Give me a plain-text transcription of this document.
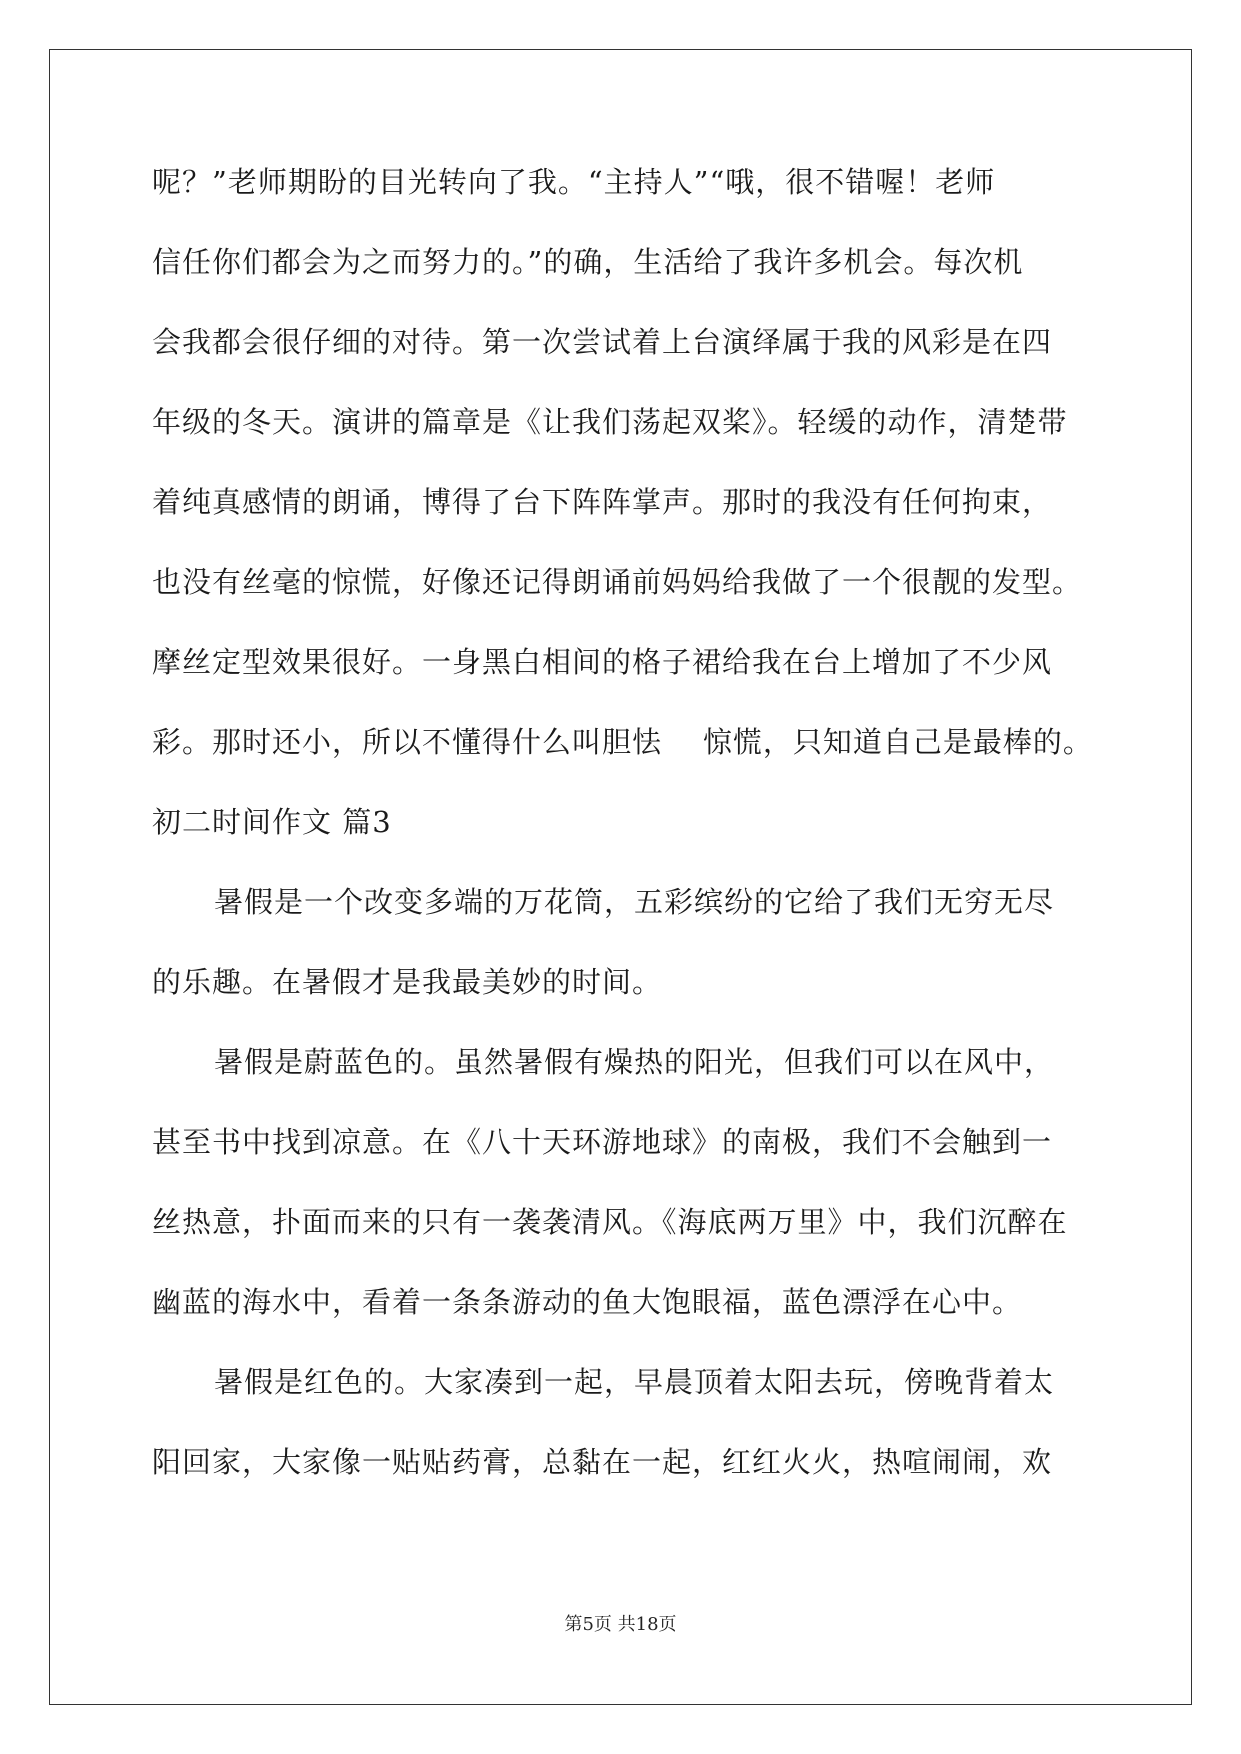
呢？”老师期盼的目光转向了我。“主持人”“哦，很不错喔！老师
信任你们都会为之而努力的。”的确，生活给了我许多机会。每次机
会我都会很仔细的对待。第一次尝试着上台演绎属于我的风彩是在四
年级的冬天。演讲的篇章是《让我们荡起双桨》。轻缓的动作，清楚带
着纯真感情的朗诵，博得了台下阵阵掌声。那时的我没有任何拘束，
也没有丝毫的惊慌，好像还记得朗诵前妈妈给我做了一个很靓的发型。
摩丝定型效果很好。一身黑白相间的格子裙给我在台上增加了不少风
彩。那时还小，所以不懂得什么叫胆怯    惊慌，只知道自己是最棒的。
初二时间作文 篇3
暑假是一个改变多端的万花筒，五彩缤纷的它给了我们无穷无尽
的乐趣。在暑假才是我最美妙的时间。
暑假是蔚蓝色的。虽然暑假有燥热的阳光，但我们可以在风中，
甚至书中找到凉意。在《八十天环游地球》的南极，我们不会触到一
丝热意，扑面而来的只有一袭袭清风。《海底两万里》中，我们沉醉在
幽蓝的海水中，看着一条条游动的鱼大饱眼福，蓝色漂浮在心中。
暑假是红色的。大家凑到一起，早晨顶着太阳去玩，傍晚背着太
阳回家，大家像一贴贴药膏，总黏在一起，红红火火，热喧闹闹，欢
第5页 共18页
